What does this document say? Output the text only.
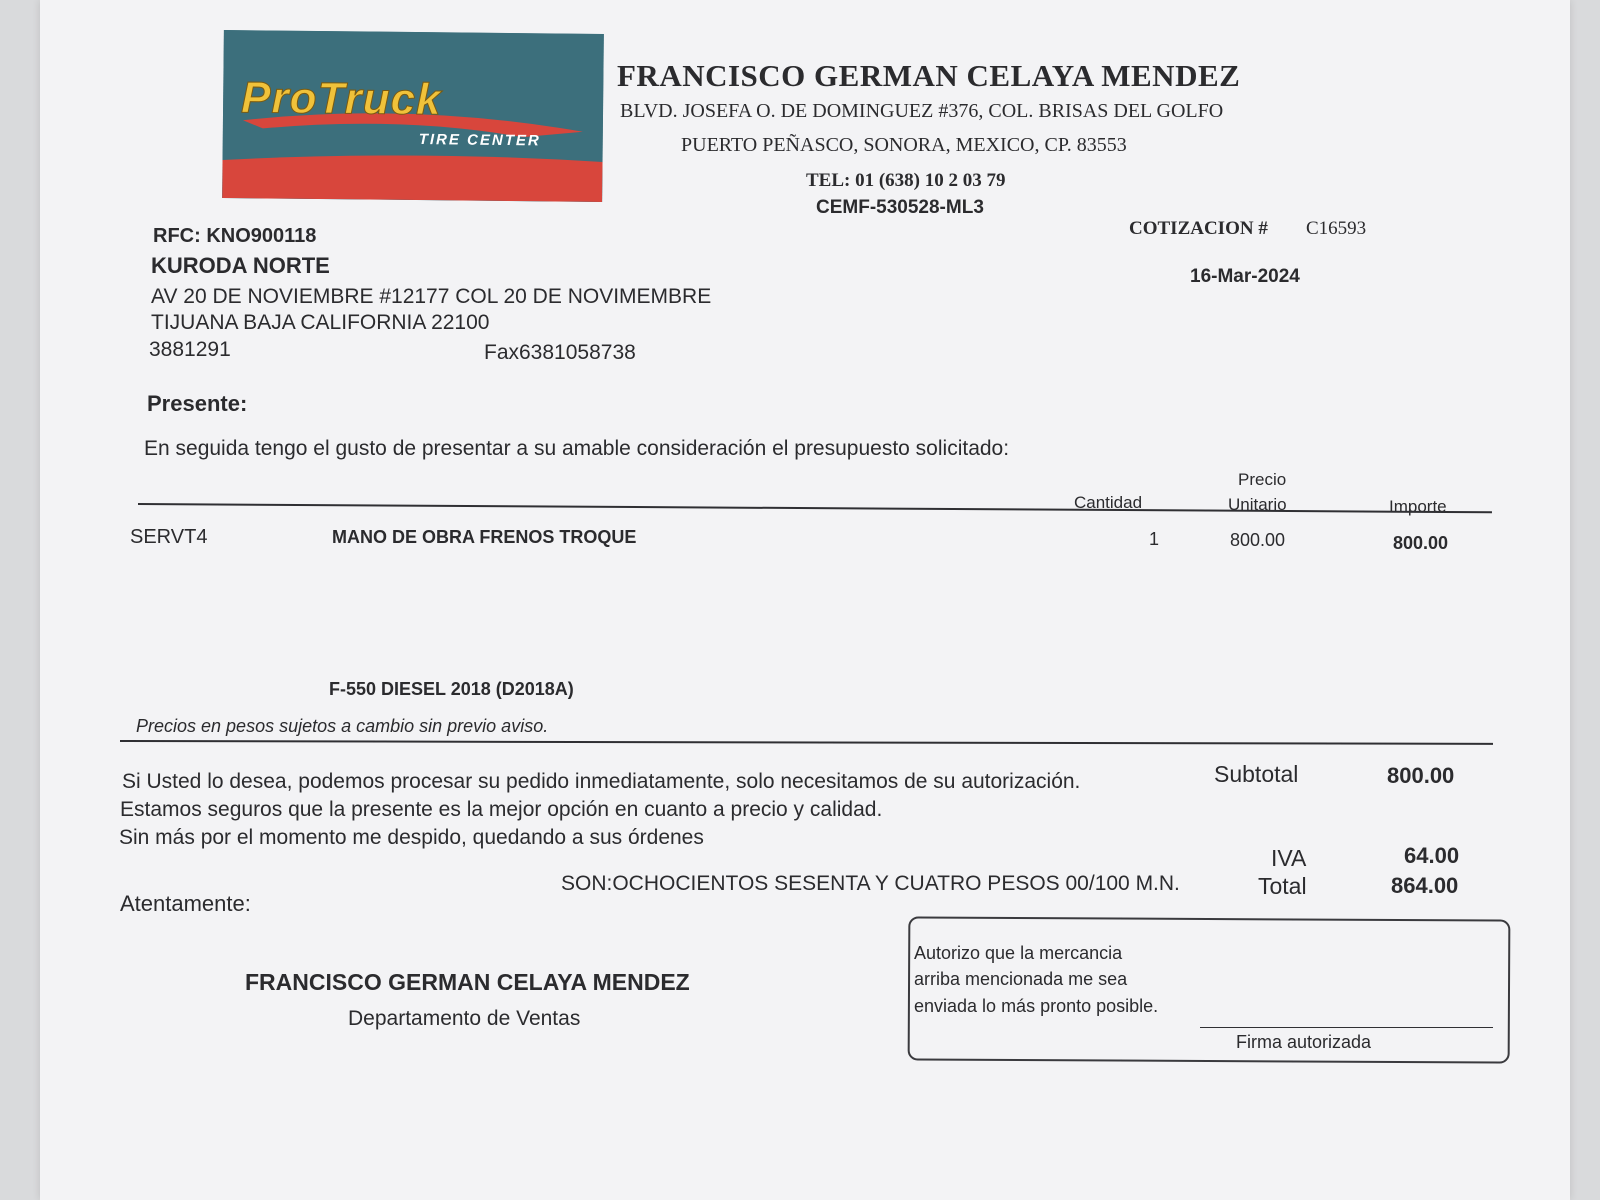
ProTruck
TIRE CENTER
FRANCISCO GERMAN CELAYA MENDEZ
BLVD. JOSEFA O. DE DOMINGUEZ #376, COL. BRISAS DEL GOLFO
PUERTO PEÑASCO, SONORA, MEXICO, CP. 83553
TEL: 01 (638) 10 2 03 79
CEMF-530528-ML3
COTIZACION # C16593
16-Mar-2024
RFC: KNO900118
KURODA NORTE
AV 20 DE NOVIEMBRE #12177 COL 20 DE NOVIMEMBRE
TIJUANA BAJA CALIFORNIA 22100
3881291	Fax6381058738
Presente:
En seguida tengo el gusto de presentar a su amable consideración el presupuesto solicitado:
Precio
Cantidad	Unitario	Importe
SERVT4	MANO DE OBRA FRENOS TROQUE	1	800.00	800.00
F-550 DIESEL 2018 (D2018A)
Precios en pesos sujetos a cambio sin previo aviso.
Si Usted lo desea, podemos procesar su pedido inmediatamente, solo necesitamos de su autorización.
Estamos seguros que la presente es la mejor opción en cuanto a precio y calidad.
Sin más por el momento me despido, quedando a sus órdenes
SON:OCHOCIENTOS SESENTA Y CUATRO PESOS 00/100 M.N.
Subtotal	800.00
IVA	64.00
Total	864.00
Atentamente:
FRANCISCO GERMAN CELAYA MENDEZ
Departamento de Ventas
Autorizo que la mercancia
arriba mencionada me sea
enviada lo más pronto posible.
Firma autorizada
